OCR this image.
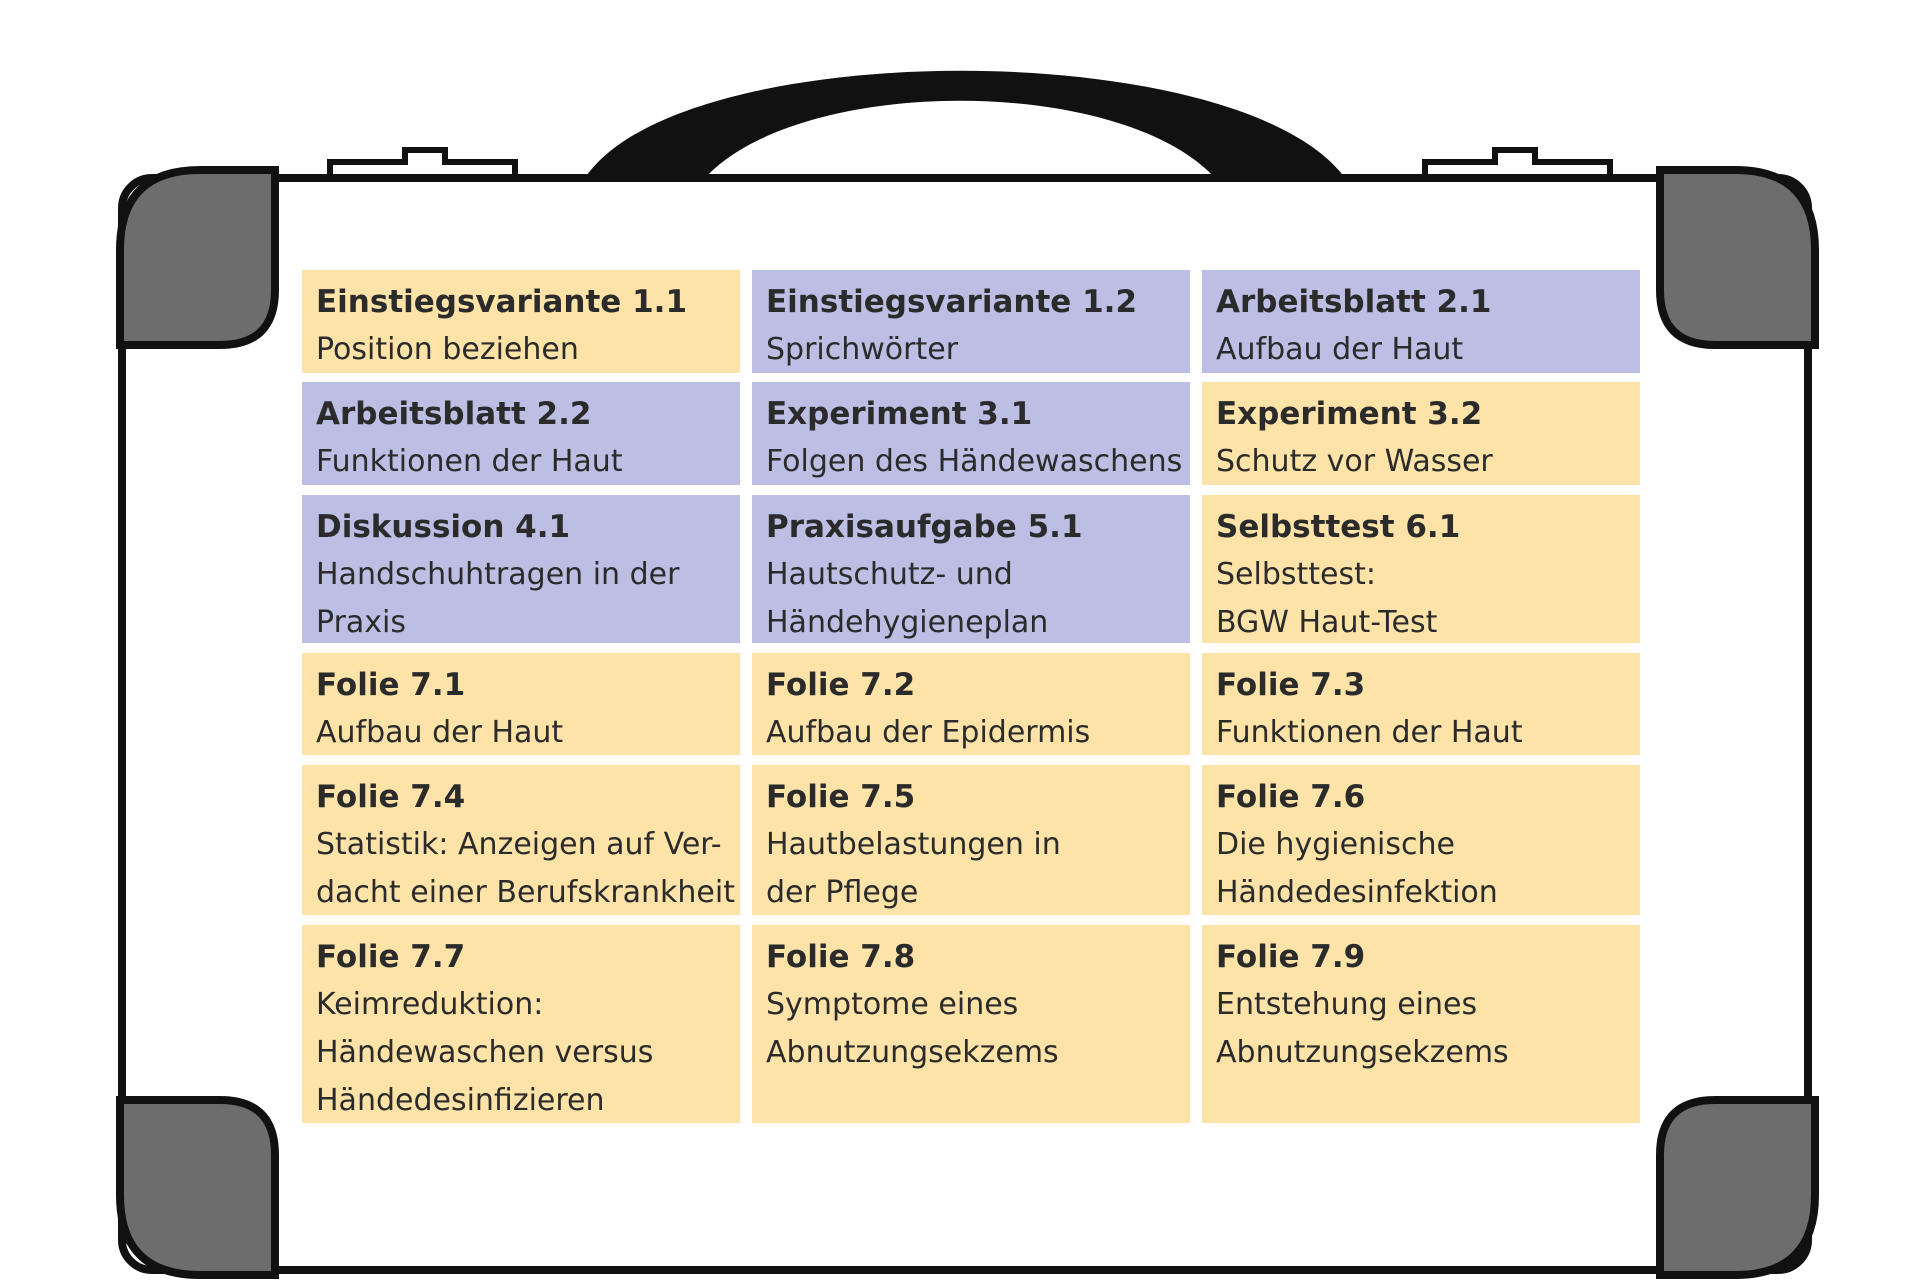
Einstiegsvariante 1.1
Position beziehen
Einstiegsvariante 1.2
Sprichwörter
Arbeitsblatt 2.1
Aufbau der Haut
Arbeitsblatt 2.2
Funktionen der Haut
Experiment 3.1
Folgen des Händewaschens
Experiment 3.2
Schutz vor Wasser
Diskussion 4.1
Handschuhtragen in der
Praxis
Praxisaufgabe 5.1
Hautschutz- und
Händehygieneplan
Selbsttest 6.1
Selbsttest:
BGW Haut-Test
Folie 7.1
Aufbau der Haut
Folie 7.2
Aufbau der Epidermis
Folie 7.3
Funktionen der Haut
Folie 7.4
Statistik: Anzeigen auf Ver-
dacht einer Berufskrankheit
Folie 7.5
Hautbelastungen in
der Pflege
Folie 7.6
Die hygienische
Händedesinfektion
Folie 7.7
Keimreduktion:
Händewaschen versus
Händedesinfizieren
Folie 7.8
Symptome eines
Abnutzungsekzems
Folie 7.9
Entstehung eines
Abnutzungsekzems
